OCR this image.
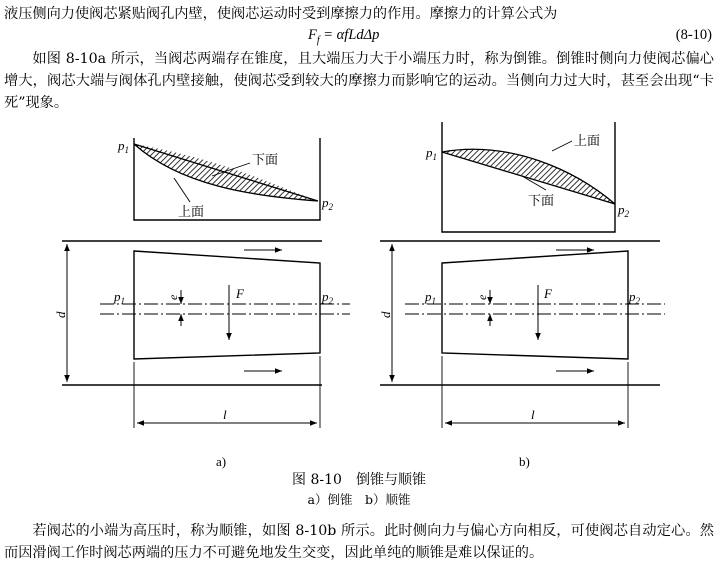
液压侧向力使阀芯紧贴阀孔内壁，使阀芯运动时受到摩擦力的作用。摩擦力的计算公式为
$F_f = \alpha fLd\Delta p$	(8-10)
如图 8-10a 所示，当阀芯两端存在锥度，且大端压力大于小端压力时，称为倒锥。倒锥时侧向力使阀芯偏心增大，阀芯大端与阀体孔内壁接触，使阀芯受到较大的摩擦力而影响它的运动。当侧向力过大时，甚至会出现“卡死”现象。
下面
上面
$p_1$
$p_2$
e	F
$p_1$	$p_2$
d
l
a)
上面
下面
$p_1$
$p_2$
e	F
$p_1$	$p_2$
d
l
b)
图 8-10　倒锥与顺锥
a）倒锥　b）顺锥
若阀芯的小端为高压时，称为顺锥，如图 8-10b 所示。此时侧向力与偏心方向相反，可使阀芯自动定心。然而因滑阀工作时阀芯两端的压力不可避免地发生交变，因此单纯的顺锥是难以保证的。
